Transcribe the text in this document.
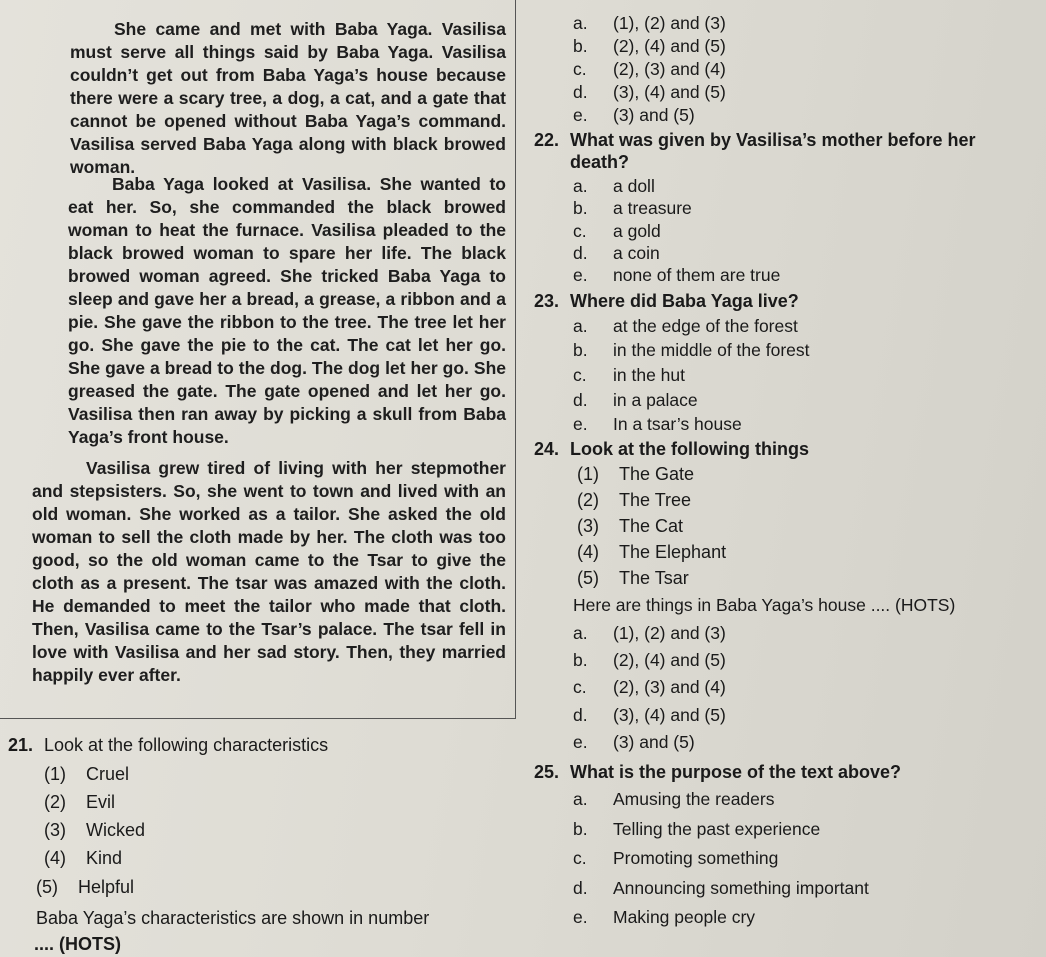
She came and met with Baba Yaga. Vasilisa must serve all things said by Baba Yaga. Vasilisa couldn’t get out from Baba Yaga’s house because there were a scary tree, a dog, a cat, and a gate that cannot be opened without Baba Yaga’s command. Vasilisa served Baba Yaga along with black browed woman.

Baba Yaga looked at Vasilisa. She wanted to eat her. So, she commanded the black browed woman to heat the furnace. Vasilisa pleaded to the black browed woman to spare her life. The black browed woman agreed. She tricked Baba Yaga to sleep and gave her a bread, a grease, a ribbon and a pie. She gave the ribbon to the tree. The tree let her go. She gave the pie to the cat. The cat let her go. She gave a bread to the dog. The dog let her go. She greased the gate. The gate opened and let her go. Vasilisa then ran away by picking a skull from Baba Yaga’s front house.

Vasilisa grew tired of living with her stepmother and stepsisters. So, she went to town and lived with an old woman. She worked as a tailor. She asked the old woman to sell the cloth made by her. The cloth was too good, so the old woman came to the Tsar to give the cloth as a present. The tsar was amazed with the cloth. He demanded to meet the tailor who made that cloth. Then, Vasilisa came to the Tsar’s palace. The tsar fell in love with Vasilisa and her sad story. Then, they married happily ever after.

21. Look at the following characteristics
(1) Cruel
(2) Evil
(3) Wicked
(4) Kind
(5) Helpful
Baba Yaga’s characteristics are shown in number
.... (HOTS)
a. (1), (2) and (3)
b. (2), (4) and (5)
c. (2), (3) and (4)
d. (3), (4) and (5)
e. (3) and (5)
22. What was given by Vasilisa’s mother before her
death?
a. a doll
b. a treasure
c. a gold
d. a coin
e. none of them are true
23. Where did Baba Yaga live?
a. at the edge of the forest
b. in the middle of the forest
c. in the hut
d. in a palace
e. In a tsar’s house
24. Look at the following things
(1) The Gate
(2) The Tree
(3) The Cat
(4) The Elephant
(5) The Tsar
Here are things in Baba Yaga’s house .... (HOTS)
a. (1), (2) and (3)
b. (2), (4) and (5)
c. (2), (3) and (4)
d. (3), (4) and (5)
e. (3) and (5)
25. What is the purpose of the text above?
a. Amusing the readers
b. Telling the past experience
c. Promoting something
d. Announcing something important
e. Making people cry
